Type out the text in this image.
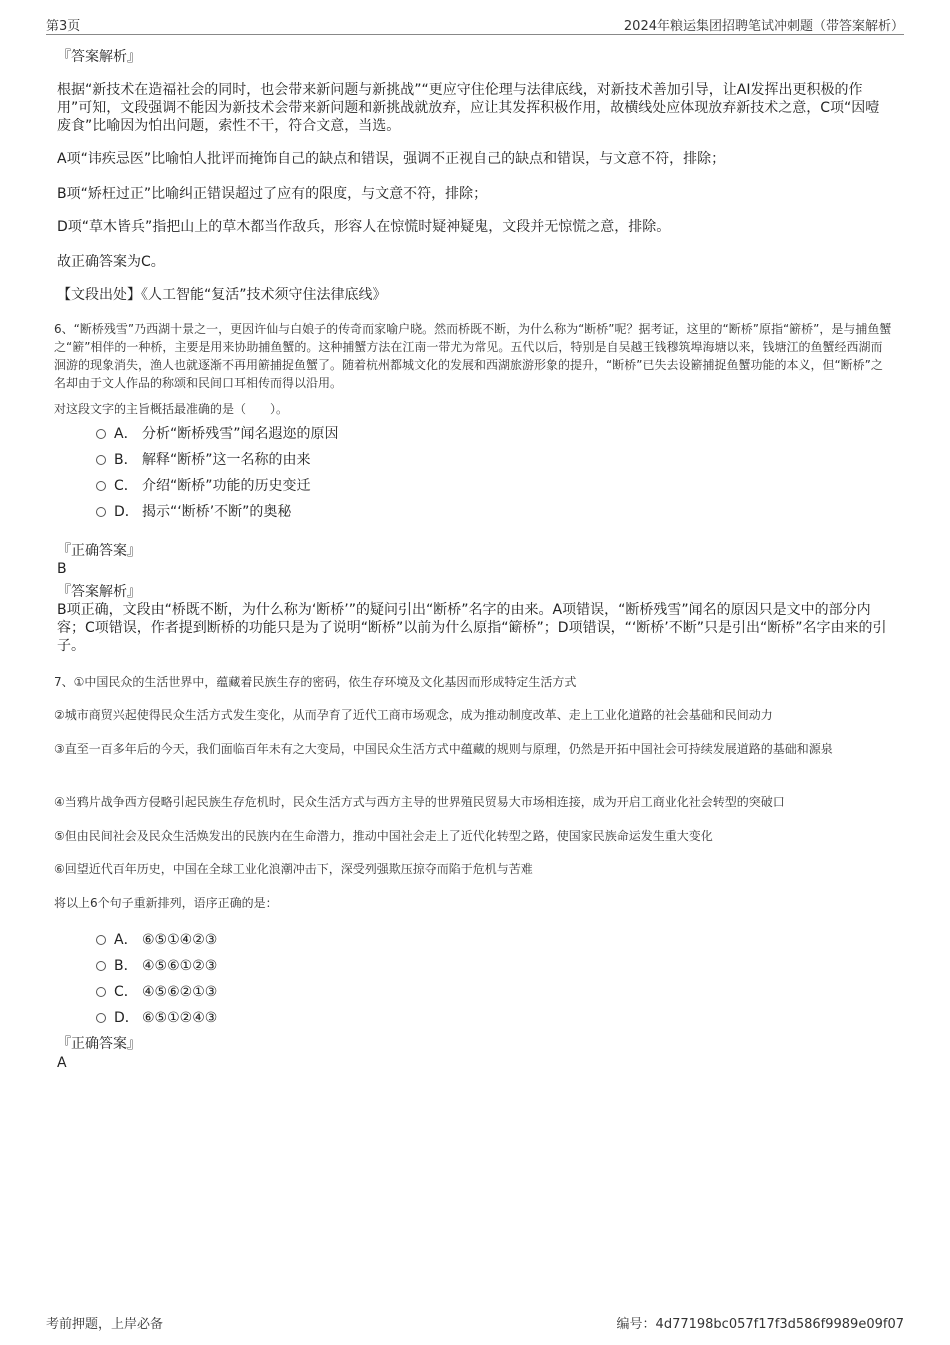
第3页	2024年粮运集团招聘笔试冲刺题（带答案解析）
『答案解析』
根据“新技术在造福社会的同时，也会带来新问题与新挑战”“更应守住伦理与法律底线，对新技术善加引导，让AI发挥出更积极的作用”可知，文段强调不能因为新技术会带来新问题和新挑战就放弃，应让其发挥积极作用，故横线处应体现放弃新技术之意，C项“因噎废食”比喻因为怕出问题，索性不干，符合文意，当选。
A项“讳疾忌医”比喻怕人批评而掩饰自己的缺点和错误，强调不正视自己的缺点和错误，与文意不符，排除；
B项“矫枉过正”比喻纠正错误超过了应有的限度，与文意不符，排除；
D项“草木皆兵”指把山上的草木都当作敌兵，形容人在惊慌时疑神疑鬼，文段并无惊慌之意，排除。
故正确答案为C。
【文段出处】《人工智能“复活”技术须守住法律底线》
6、“断桥残雪”乃西湖十景之一，更因许仙与白娘子的传奇而家喻户晓。然而桥既不断，为什么称为“断桥”呢？据考证，这里的“断桥”原指“簖桥”，是与捕鱼蟹之“簖”相伴的一种桥，主要是用来协助捕鱼蟹的。这种捕蟹方法在江南一带尤为常见。五代以后，特别是自吴越王钱穆筑埠海塘以来，钱塘江的鱼蟹经西湖而洄游的现象消失，渔人也就逐渐不再用簖捕捉鱼蟹了。随着杭州都城文化的发展和西湖旅游形象的提升，“断桥”已失去设簖捕捉鱼蟹功能的本义，但“断桥”之名却由于文人作品的称颂和民间口耳相传而得以沿用。
对这段文字的主旨概括最准确的是（　　）。
A． 分析“断桥残雪”闻名遐迩的原因
B． 解释“断桥”这一名称的由来
C． 介绍“断桥”功能的历史变迁
D． 揭示“‘断桥’不断”的奥秘
『正确答案』
B
『答案解析』
B项正确，文段由“桥既不断，为什么称为‘断桥’”的疑问引出“断桥”名字的由来。A项错误，“断桥残雪”闻名的原因只是文中的部分内容；C项错误，作者提到断桥的功能只是为了说明“断桥”以前为什么原指“簖桥”；D项错误，“‘断桥’不断”只是引出“断桥”名字由来的引子。
7、①中国民众的生活世界中，蕴藏着民族生存的密码，依生存环境及文化基因而形成特定生活方式
②城市商贸兴起使得民众生活方式发生变化，从而孕育了近代工商市场观念，成为推动制度改革、走上工业化道路的社会基础和民间动力
③直至一百多年后的今天，我们面临百年未有之大变局，中国民众生活方式中蕴藏的规则与原理，仍然是开拓中国社会可持续发展道路的基础和源泉
④当鸦片战争西方侵略引起民族生存危机时，民众生活方式与西方主导的世界殖民贸易大市场相连接，成为开启工商业化社会转型的突破口
⑤但由民间社会及民众生活焕发出的民族内在生命潜力，推动中国社会走上了近代化转型之路，使国家民族命运发生重大变化
⑥回望近代百年历史，中国在全球工业化浪潮冲击下，深受列强欺压掠夺而陷于危机与苦难
将以上6个句子重新排列，语序正确的是：
A． ⑥⑤①④②③
B． ④⑤⑥①②③
C． ④⑤⑥②①③
D． ⑥⑤①②④③
『正确答案』
A
考前押题，上岸必备	编号：4d77198bc057f17f3d586f9989e09f07
